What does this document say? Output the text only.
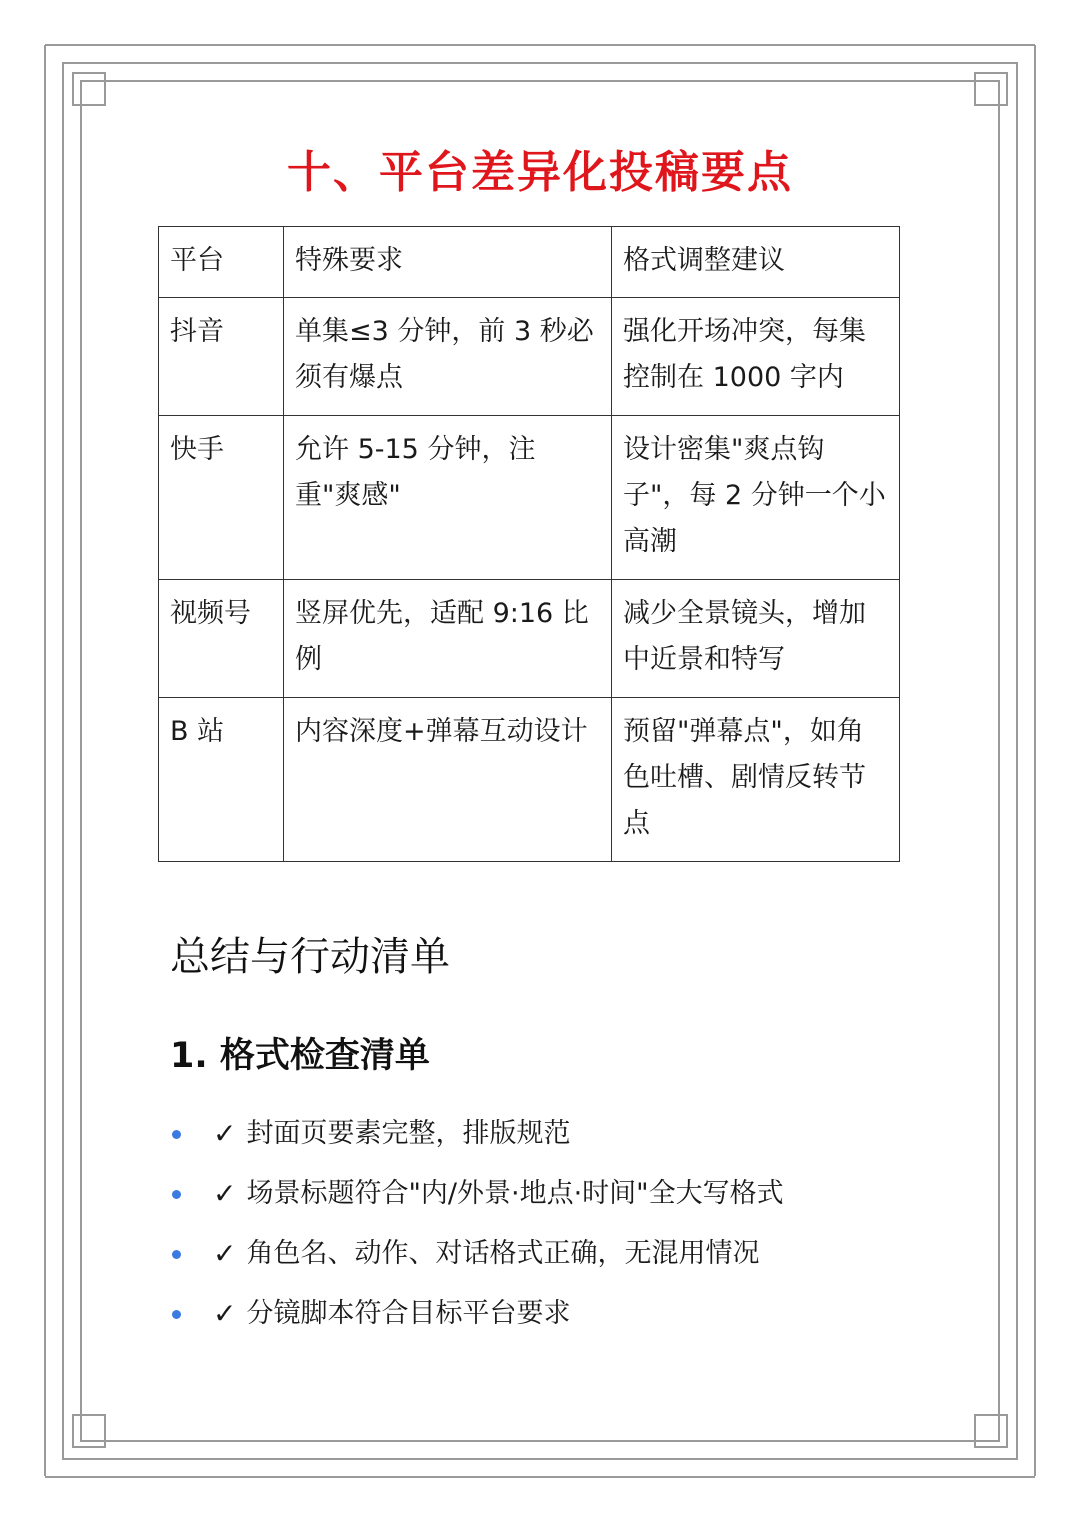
十、平台差异化投稿要点
平台	特殊要求	格式调整建议
抖音	单集≤3 分钟，前 3 秒必须有爆点	强化开场冲突，每集控制在 1000 字内
快手	允许 5-15 分钟，注重"爽感"	设计密集"爽点钩子"，每 2 分钟一个小高潮
视频号	竖屏优先，适配 9:16 比例	减少全景镜头，增加中近景和特写
B 站	内容深度+弹幕互动设计	预留"弹幕点"，如角色吐槽、剧情反转节点
总结与行动清单
1. 格式检查清单
✓ 封面页要素完整，排版规范
✓ 场景标题符合"内/外景·地点·时间"全大写格式
✓ 角色名、动作、对话格式正确，无混用情况
✓ 分镜脚本符合目标平台要求
